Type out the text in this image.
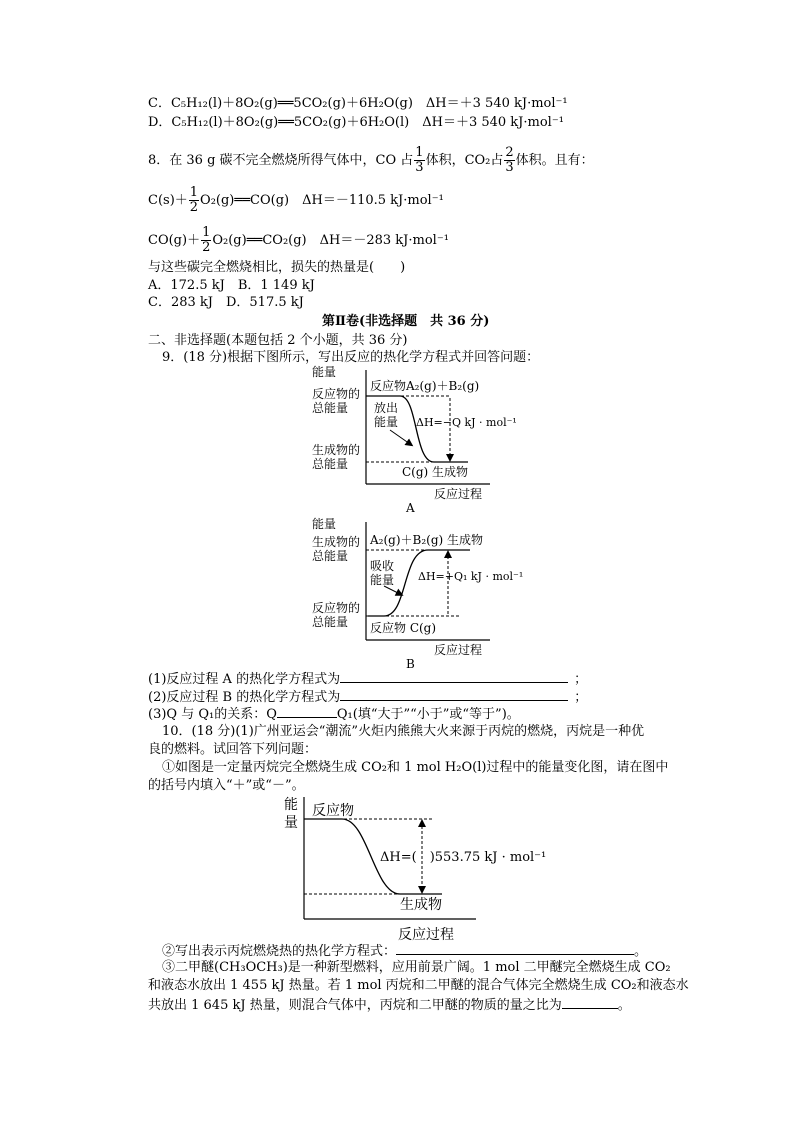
C．C₅H₁₂(l)＋8O₂(g)══5CO₂(g)＋6H₂O(g)　ΔH＝＋3 540 kJ·mol⁻¹
D．C₅H₁₂(l)＋8O₂(g)══5CO₂(g)＋6H₂O(l)　ΔH＝＋3 540 kJ·mol⁻¹
8．在 36 g 碳不完全燃烧所得气体中，CO 占 $\frac{1}{3}$ 体积，CO₂占 $\frac{2}{3}$ 体积。且有：
$C(s)+ \frac{1}{2}$ O₂(g)══CO(g)　ΔH＝－110.5 kJ·mol⁻¹
$CO(g)+ \frac{1}{2}$ O₂(g)══CO₂(g)　ΔH＝－283 kJ·mol⁻¹
与这些碳完全燃烧相比，损失的热量是(　　)
A．172.5 kJ　B．1 149 kJ
C．283 kJ　D．517.5 kJ
第Ⅱ卷(非选择题　共 36 分)
二、非选择题(本题包括 2 个小题，共 36 分)
9．(18 分)根据下图所示，写出反应的热化学方程式并回答问题：
能量
反应物的
总能量
生成物的
总能量
反应物A₂(g)＋B₂(g)
放出
能量 ΔH=−Q kJ · mol⁻¹
C(g) 生成物
反应过程
A
能量
生成物的
总能量
反应物的
总能量
A₂(g)＋B₂(g) 生成物
吸收
能量 ΔH=+Q₁ kJ · mol⁻¹
反应物 C(g)
反应过程
B
(1)反应过程 A 的热化学方程式为	；
(2)反应过程 B 的热化学方程式为	；
(3)Q 与 Q₁的关系：Q	Q₁(填“大于”“小于”或“等于”)。
10．(18 分)(1)广州亚运会“潮流”火炬内熊熊大火来源于丙烷的燃烧，丙烷是一种优
良的燃料。试回答下列问题：
①如图是一定量丙烷完全燃烧生成 CO₂和 1 mol H₂O(l)过程中的能量变化图，请在图中
的括号内填入“＋”或“－”。
能
量
反应物
ΔH=(　)553.75 kJ · mol⁻¹
生成物
反应过程
②写出表示丙烷燃烧热的热化学方程式：	。
③二甲醚(CH₃OCH₃)是一种新型燃料，应用前景广阔。1 mol 二甲醚完全燃烧生成 CO₂
和液态水放出 1 455 kJ 热量。若 1 mol 丙烷和二甲醚的混合气体完全燃烧生成 CO₂和液态水
共放出 1 645 kJ 热量，则混合气体中，丙烷和二甲醚的物质的量之比为	。
